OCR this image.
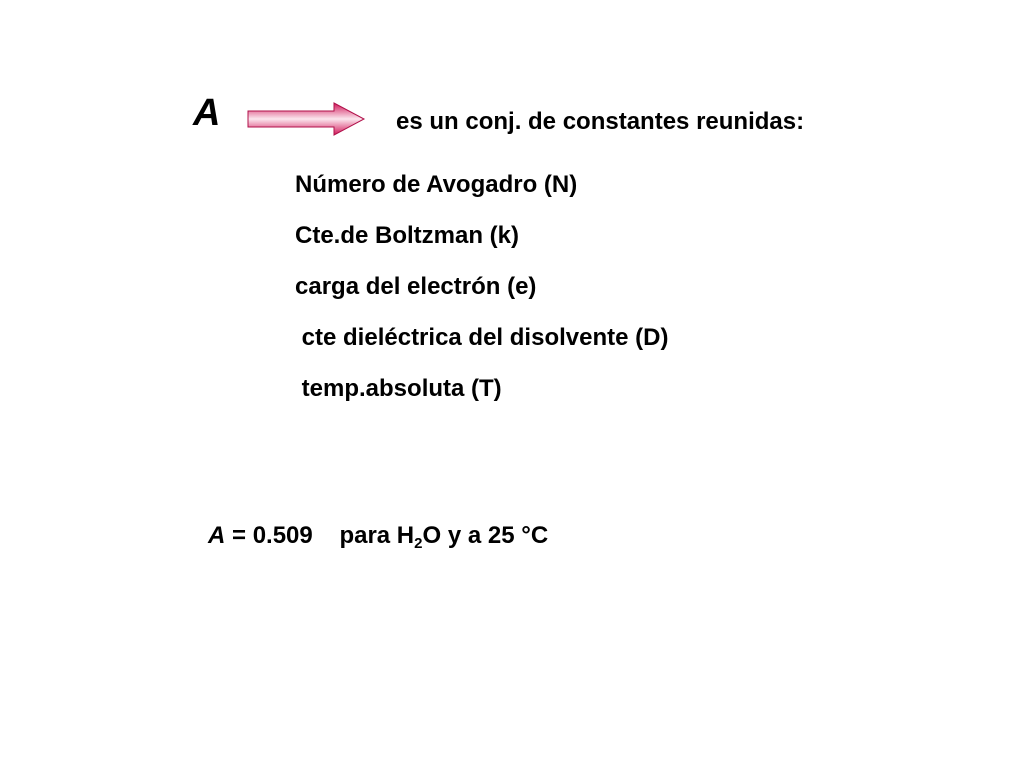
A	es un conj. de constantes reunidas:
Número de Avogadro (N)
Cte.de Boltzman (k)
carga del electrón (e)
cte dieléctrica del disolvente (D)
temp.absoluta (T)
A = 0.509 para $H_2O$ y a 25 °C
